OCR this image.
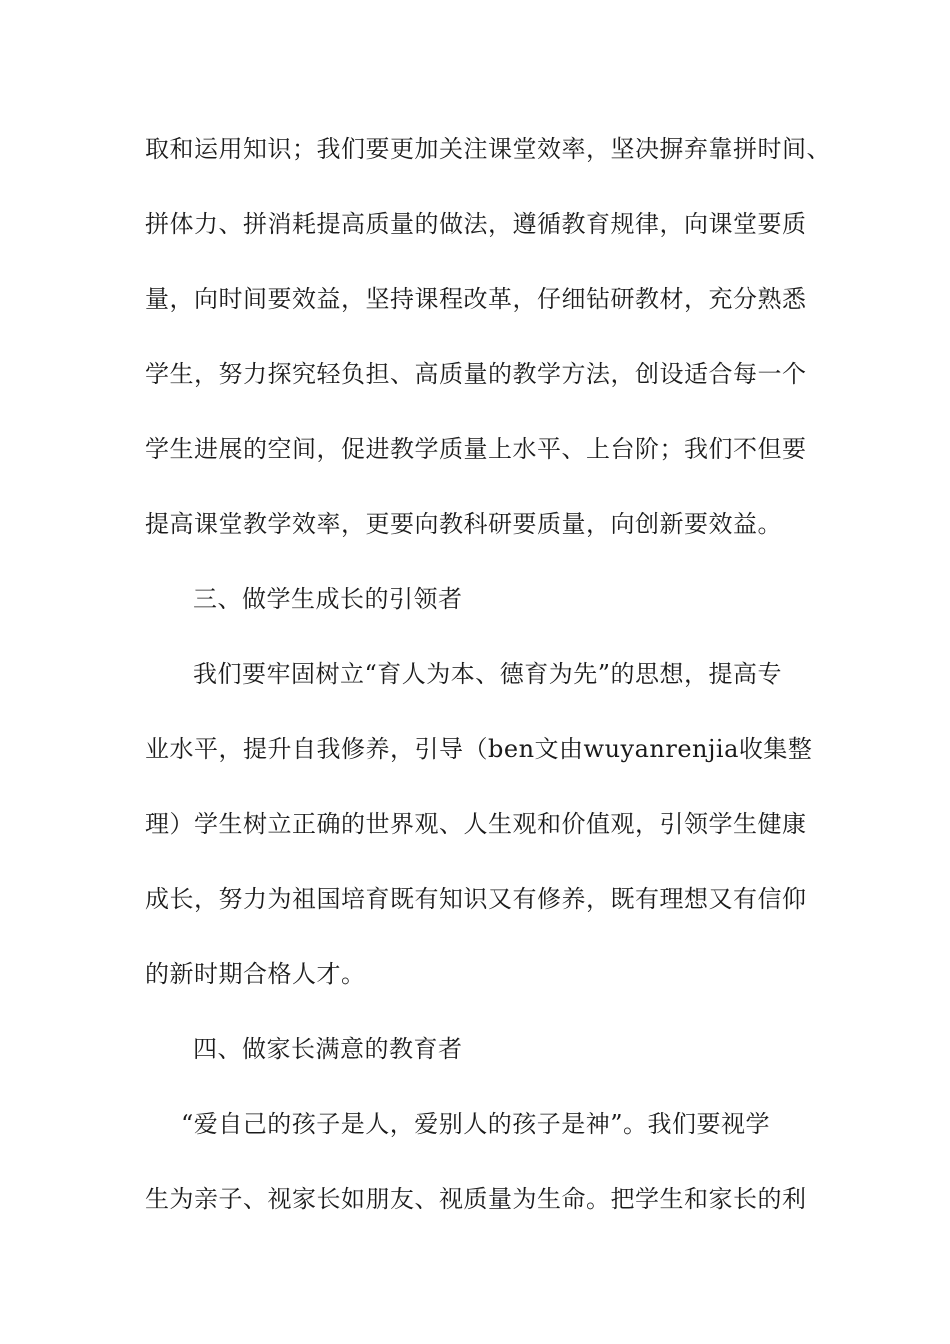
取和运用知识；我们要更加关注课堂效率，坚决摒弃靠拼时间、
拼体力、拼消耗提高质量的做法，遵循教育规律，向课堂要质
量，向时间要效益，坚持课程改革，仔细钻研教材，充分熟悉
学生，努力探究轻负担、高质量的教学方法，创设适合每一个
学生进展的空间，促进教学质量上水平、上台阶；我们不但要
提高课堂教学效率，更要向教科研要质量，向创新要效益。
三、做学生成长的引领者
我们要牢固树立“育人为本、德育为先”的思想，提高专
业水平，提升自我修养，引导（ben文由wuyanrenjia收集整
理）学生树立正确的世界观、人生观和价值观，引领学生健康
成长，努力为祖国培育既有知识又有修养，既有理想又有信仰
的新时期合格人才。
四、做家长满意的教育者
“爱自己的孩子是人，爱别人的孩子是神”。我们要视学
生为亲子、视家长如朋友、视质量为生命。把学生和家长的利
